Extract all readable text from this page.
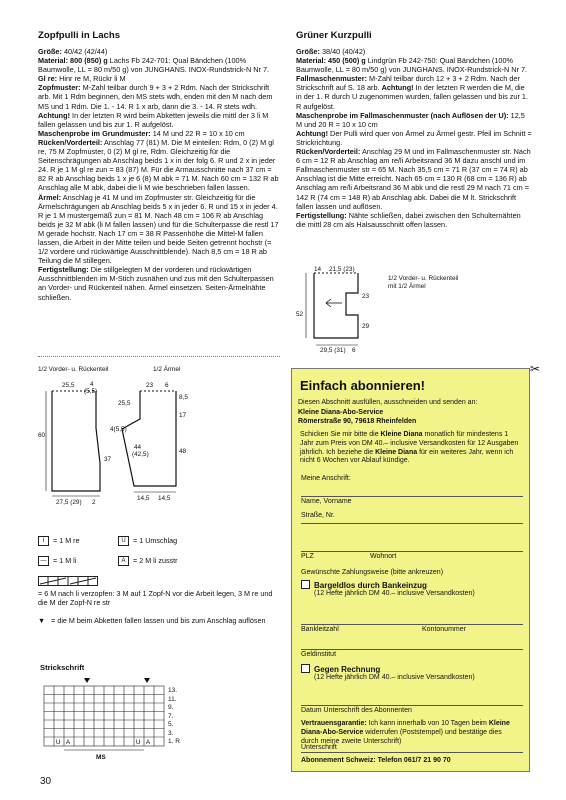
Zopfpulli in Lachs

Größe: 40/42 (42/44)

Material: 800 (850) g Lachs Fb 242-701: Qual Bändchen (100% Baumwolle, LL = 80 m/50 g) von JUNGHANS. INOX-Rundstrick-N Nr 7.

Gl re: Hinr re M, Rückr li M

Zopfmuster: M-Zahl teilbar durch 9 + 3 + 2 Rdm. Nach der Strickschrift arb. Mit 1 Rdm beginnen, den MS stets wdh, enden mit den M nach dem MS und 1 Rdm. Die 1. - 14. R 1 x arb, dann die 3. - 14. R stets wdh. Achtung! In der letzten R wird beim Abketten jeweils die mittl der 3 li M fallen gelassen und bis zur 1. R aufgelöst.

Maschenprobe im Grundmuster: 14 M und 22 R = 10 x 10 cm

Rücken/Vorderteil: Anschlag 77 (81) M. Die M einteilen: Rdm, 0 (2) M gl re, 75 M Zopfmuster, 0 (2) M gl re, Rdm. Gleichzeitig für die Seitenschrägungen ab Anschlag beids 1 x in der folg 6. R und 2 x in jeder 24. R je 1 M gl re zun = 83 (87) M. Für die Armausschnitte nach 37 cm = 82 R ab Anschlag beids 1 x je 6 (8) M abk = 71 M. Nach 60 cm = 132 R ab Anschlag alle M abk, dabei die li M wie beschrieben fallen lassen.

Ärmel: Anschlag je 41 M und im Zopfmuster str. Gleichzeitig für die Ärmelschrägungen ab Anschlag beids 5 x in jeder 6. R und 15 x in jeder 4. R je 1 M mustergemäß zun = 81 M. Nach 48 cm = 106 R ab Anschlag beids je 32 M abk (li M fallen lassen) und für die Schulterpasse die restl 17 M gerade hochstr. Nach 17 cm = 38 R Passenhöhe die Mittel-M fallen lassen, die Arbeit in der Mitte teilen und beide Seiten getrennt hochstr (= 1/2 vordere und rückwärtige Ausschnittblende). Nach 8,5 cm = 18 R ab Teilung die M stillegen.

Fertigstellung: Die stillgelegten M der vorderen und rückwärtigen Ausschnittblenden im M-Stich zusnähen und zus mit den Schulterpassen an Vorder- und Rückenteil nähen. Ärmel einsetzen. Seiten-Ärmelnähte schließen.

1/2 Vorder- u. Rückenteil	1/2 Ärmel
25,5 4
(5,5)
60
37
27,5 (29) 2
23 6
8,5
25,5
17
4(5,5)
44
(42,5)	48
14,5 14,5
I = 1 M re	U = 1 Umschlag
— = 1 M li	A = 2 M li zusstr
= 6 M nach li verzopfen: 3 M auf 1 Zopf-N vor die Arbeit legen, 3 M re und die M der Zopf-N re str
▼ = die M beim Abketten fallen lassen und bis zum Anschlag auflösen
Strickschrift
U A	U A
13.
11.
9.
7.
5.
3.
1. R
MS
Grüner Kurzpulli

Größe: 38/40 (40/42)

Material: 450 (500) g Lindgrün Fb 242-750: Qual Bändchen (100% Baumwolle, LL = 80 m/50 g) von JUNGHANS. INOX-Rundstrick-N Nr 7.

Fallmaschenmuster: M-Zahl teilbar durch 12 + 3 + 2 Rdm. Nach der Strickschrift auf S. 18 arb. Achtung! In der letzten R werden die M, die in der 1. R durch U zugenommen wurden, fallen gelassen und bis zur 1. R aufgelöst.

Maschenprobe im Fallmaschenmuster (nach Auflösen der U): 12,5 M und 20 R = 10 x 10 cm

Achtung! Der Pulli wird quer von Ärmel zu Ärmel gestr. Pfeil im Schnitt = Strickrichtung.

Rücken/Vorderteil: Anschlag 29 M und im Fallmaschenmuster str. Nach 6 cm = 12 R ab Anschlag am re/li Arbeitsrand 36 M dazu anschl und im Fallmaschenmuster str = 65 M. Nach 35,5 cm = 71 R (37 cm = 74 R) ab Anschlag ist die Mitte erreicht. Nach 65 cm = 130 R (68 cm = 136 R) ab Anschlag am re/li Arbeitsrand 36 M abk und die restl 29 M nach 71 cm = 142 R (74 cm = 148 R) ab Anschlag abk. Dabei die M lt. Strickschrift fallen lassen und auflösen.

Fertigstellung: Nähte schließen, dabei zwischen den Schulternähten die mittl 28 cm als Halsausschnitt offen lassen.

14 21,5 (23)
23
52
29
29,5 (31) 6
1/2 Vorder- u. Rückenteil
mit 1/2 Ärmel
✂
Einfach abonnieren!
Diesen Abschnitt ausfüllen, ausschneiden und senden an:
Kleine Diana-Abo-Service
Römerstraße 90, 79618 Rheinfelden
Schicken Sie mir bitte die Kleine Diana monatlich für mindestens 1 Jahr zum Preis von DM 40.– inclusive Versandkosten für 12 Ausgaben jährlich. Ich beziehe die Kleine Diana für ein weiteres Jahr, wenn ich nicht 6 Wochen vor Ablauf kündige.
Meine Anschrift:
Name, Vorname
Straße, Nr.
PLZ	Wohnort
Gewünschte Zahlungsweise (bitte ankreuzen)
Bargeldlos durch Bankeinzug
(12 Hefte jährlich DM 40.– inclusive Versandkosten)
Bankleitzahl	Kontonummer
Geldinstitut
Gegen Rechnung
(12 Hefte jährlich DM 40.– inclusive Versandkosten)
Datum Unterschrift des Abonnenten
Vertrauensgarantie: Ich kann innerhalb von 10 Tagen beim Kleine Diana-Abo-Service widerrufen (Poststempel) und bestätige dies durch meine zweite Unterschrift)
Unterschrift
Abonnement Schweiz: Telefon 061/7 21 90 70
30
